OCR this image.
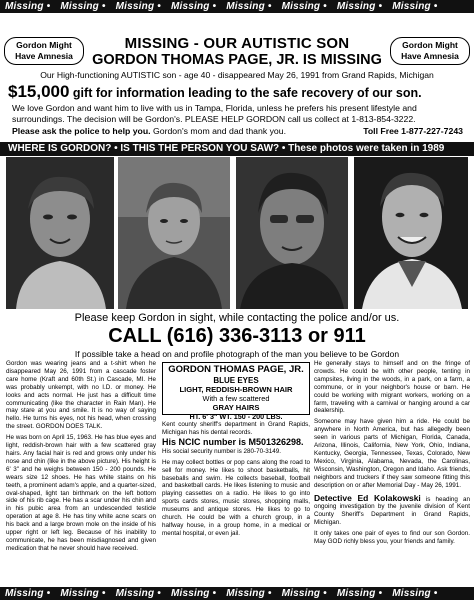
Missing • Missing • Missing • Missing • Missing • Missing • Missing • Missing •
Missing • Missing • Missing • Missing • Missing • Missing • Missing • Missing •
Gordon Might
Have Amnesia
Gordon Might
Have Amnesia
MISSING - OUR AUTISTIC SON
GORDON THOMAS PAGE, JR. IS MISSING
Our High-functioning AUTISTIC son - age 40 - disappeared May 26, 1991 from Grand Rapids, Michigan
$15,000 gift for information leading to the safe recovery of our son.
We love Gordon and want him to live with us in Tampa, Florida, unless he prefers his present lifestyle and surroundings. The decision will be Gordon's. PLEASE HELP GORDON call us collect at 1-813-854-3222.
Please ask the police to help you. Gordon's mom and dad thank you.	Toll Free 1-877-227-7243
WHERE IS GORDON? • IS THIS THE PERSON YOU SAW? • These photos were taken in 1989
Please keep Gordon in sight, while contacting the police and/or us.
CALL (616) 336-3113 or 911
If possible take a head on and profile photograph of the man you believe to be Gordon

Gordon was wearing jeans and a t-shirt when he disappeared May 26, 1991 from a cascade foster care home (Kraft and 60th St.) in Cascade, MI. He was probably unkempt, with no I.D. or money. He looks and acts normal. He just has a difficult time communicating (like the character in Rain Man). He may stare at you and smile. It is no way of saying hello. He turns his eyes, not his head, when crossing the street. GORDON DOES TALK.

He was born on April 15, 1963. He has blue eyes and light, reddish-brown hair with a few scattered gray hairs. Any facial hair is red and grows only under his nose and chin (like in the above picture). His height is 6' 3" and he weighs between 150 - 200 pounds. He wears size 12 shoes. He has white stains on his teeth, a prominent adam's apple, and a quarter-sized, oval-shaped, light tan birthmark on the left bottom side of his rib cage. He has a scar under his chin and in his pubic area from an undescended testicle operation at age 8. He has tiny white acne scars on his back and a large brown mole on the inside of his upper right or left leg. Because of his inability to communicate, he has been misdiagnosed and given medication that he never should have received.

GORDON THOMAS PAGE, JR.
BLUE EYES
LIGHT, REDDISH-BROWN HAIR
With a few scattered
GRAY HAIRS
HT. 6' 3" WT. 150 - 200 LBS.

Kent county sheriff's department in Grand Rapids, Michigan has his dental records.

His NCIC number is M501326298.

His social security number is 280-70-3149.

He may collect bottles or pop cans along the road to sell for money. He likes to shoot basketballs, hit baseballs and swim. He collects baseball, football and basketball cards. He likes listening to music and playing cassettes on a radio. He likes to go into sports cards stores, music stores, shopping malls, museums and antique stores. He likes to go to church. He could be with a church group, in a halfway house, in a group home, in a medical or mental hospital, or even jail.

He generally stays to himself and on the fringe of crowds. He could be with other people, tenting in campsites, living in the woods, in a park, on a farm, a commune, or in your neighbor's house or barn. He could be working with migrant workers, working on a farm, traveling with a carnival or hanging around a car dealership.

Someone may have given him a ride. He could be anywhere in North America, but has allegedly been seen in various parts of Michigan, Florida, Canada, Arizona, Illinois, California, New York, Ohio, Indiana, Kentucky, Georgia, Tennessee, Texas, Colorado, New Mexico, Virginia, Alabama, Nevada, the Carolinas, Wisconsin, Washington, Oregon and Idaho. Ask friends, neighbors and truckers if they saw someone fitting this description on or after Memorial Day - May 26, 1991.

Detective Ed Kolakowski is heading an ongoing investigation by the juvenile division of Kent County Sheriff's Department in Grand Rapids, Michigan.

It only takes one pair of eyes to find our son Gordon. May GOD richly bless you, your friends and family.
